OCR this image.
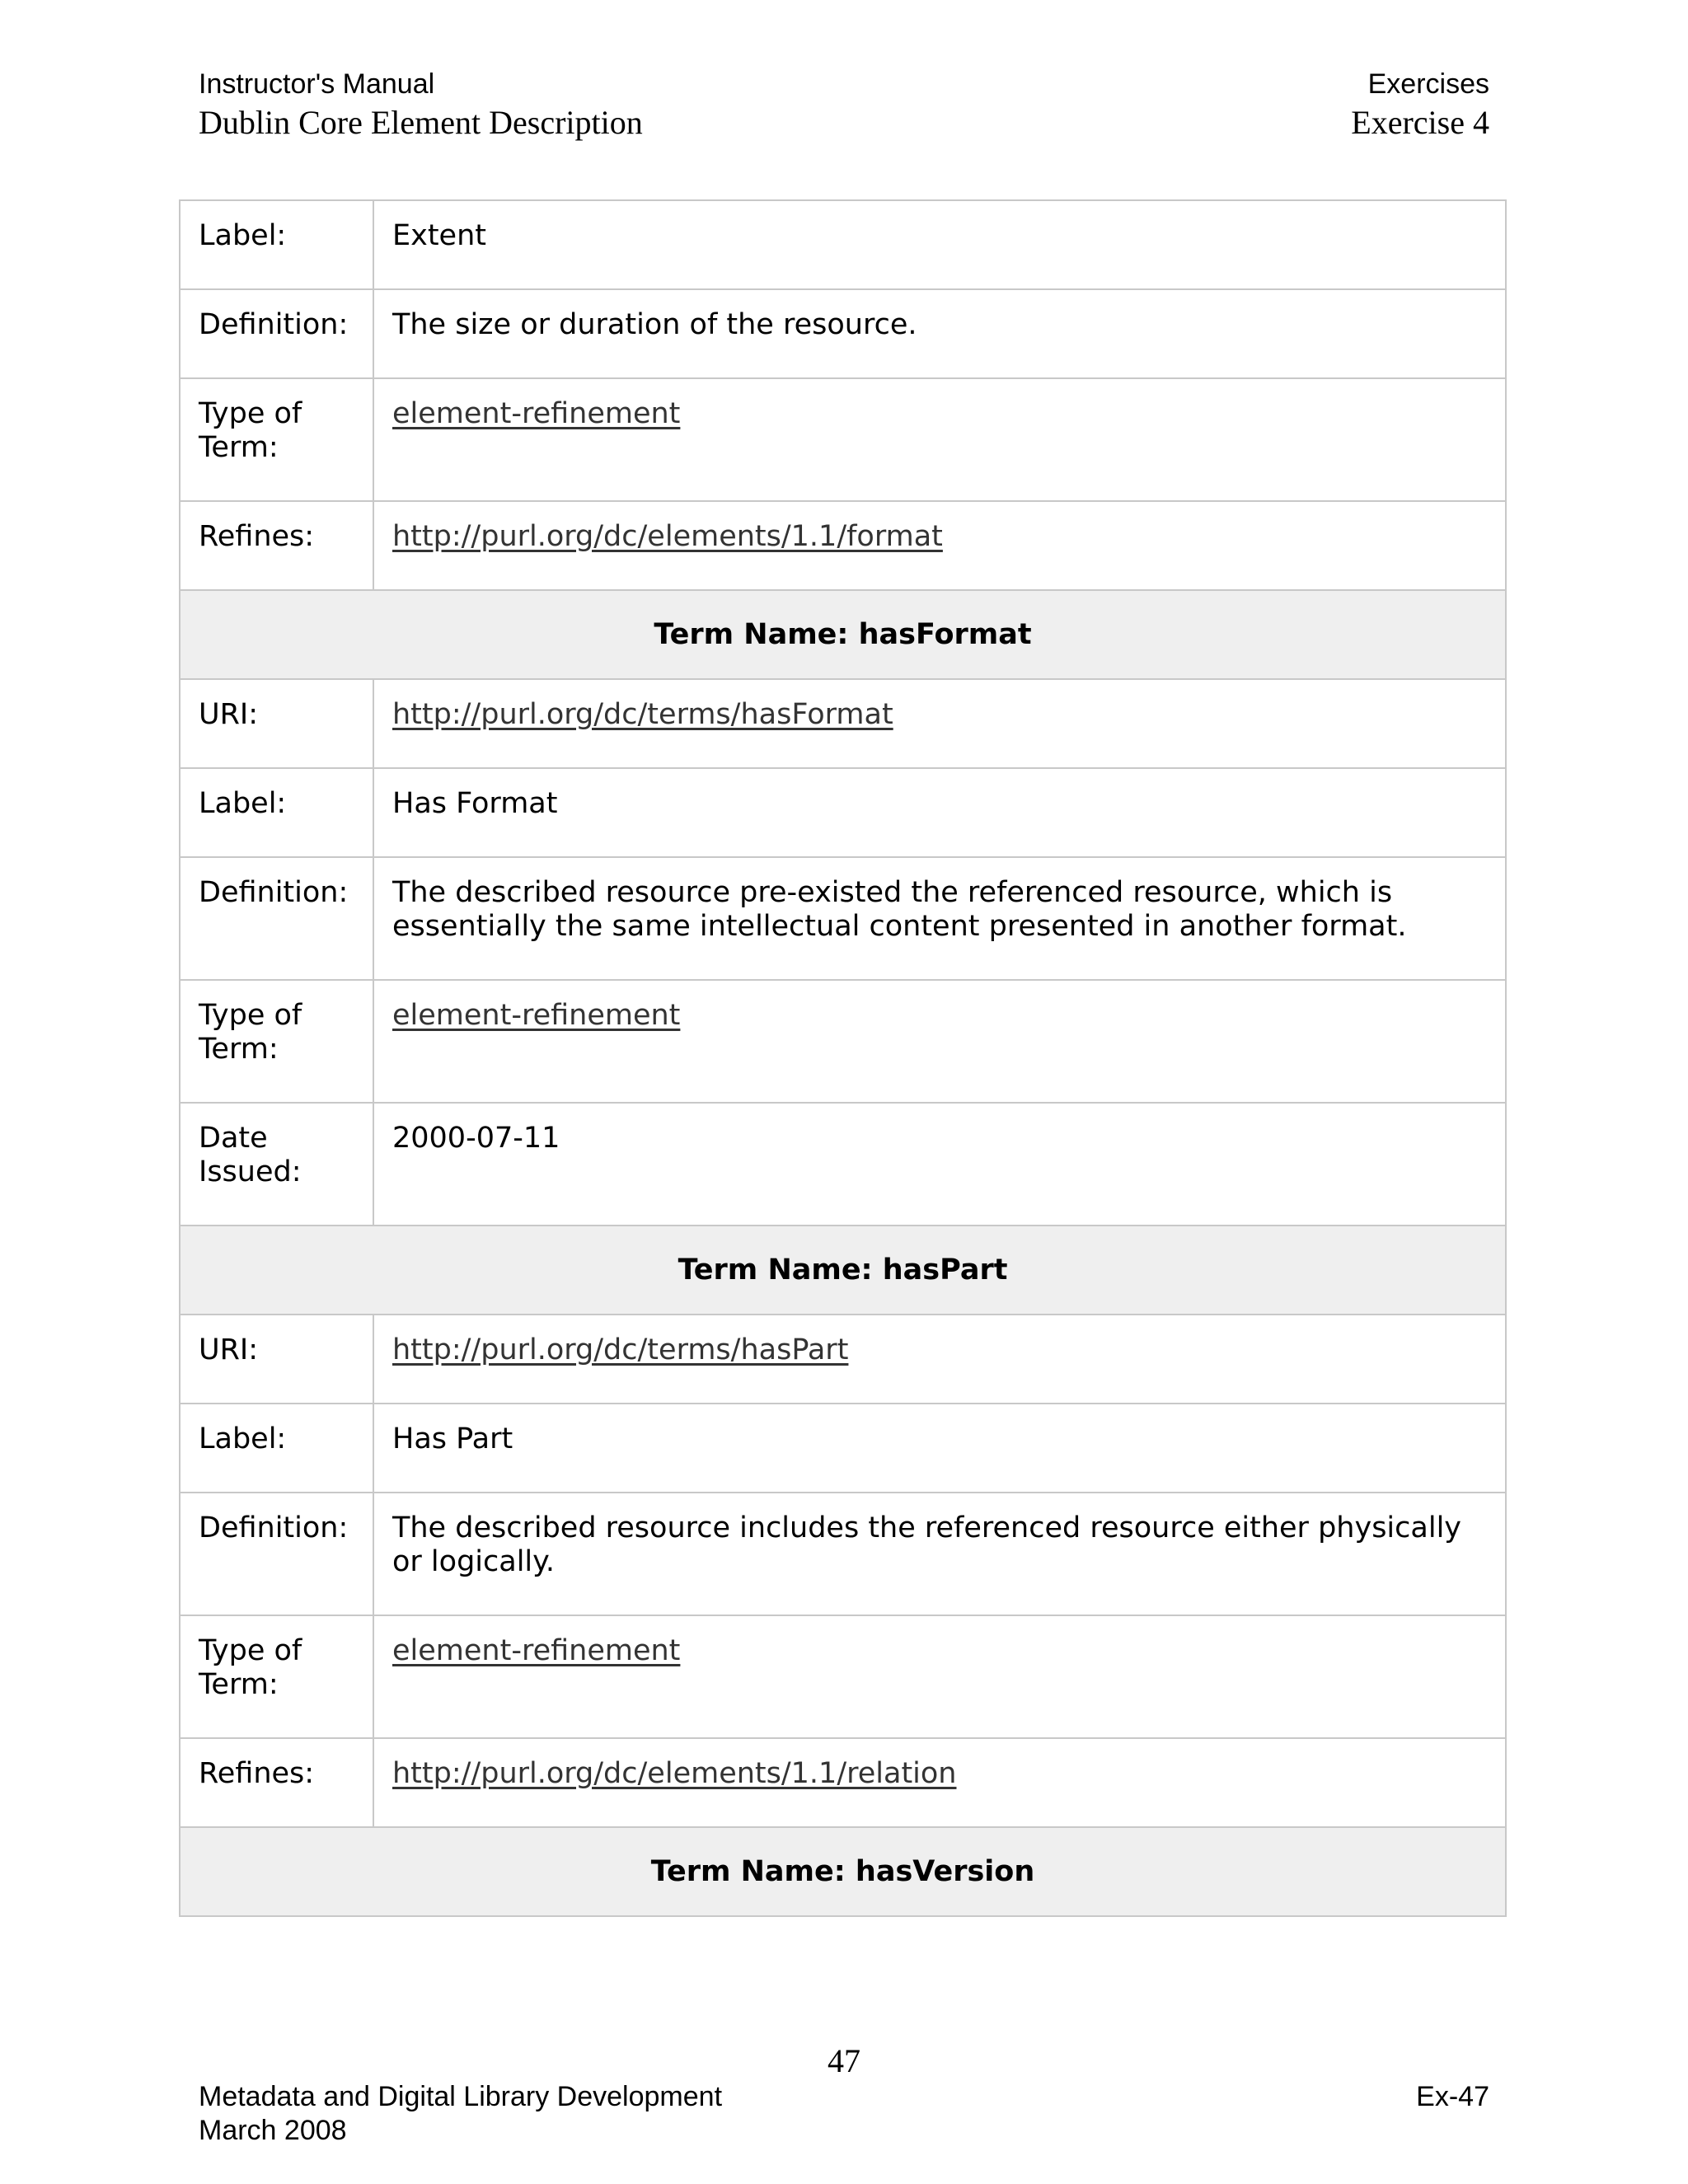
Instructor's Manual	Exercises
Dublin Core Element Description	Exercise 4
Label:	Extent
Definition:	The size or duration of the resource.
Type of Term:	element-refinement
Refines:	http://purl.org/dc/elements/1.1/format
Term Name: hasFormat	
URI:	http://purl.org/dc/terms/hasFormat
Label:	Has Format
Definition:	The described resource pre-existed the referenced resource, which is essentially the same intellectual content presented in another format.
Type of Term:	element-refinement
Date Issued:	2000-07-11
Term Name: hasPart	
URI:	http://purl.org/dc/terms/hasPart
Label:	Has Part
Definition:	The described resource includes the referenced resource either physically or logically.
Type of Term:	element-refinement
Refines:	http://purl.org/dc/elements/1.1/relation
Term Name: hasVersion	
47
Metadata and Digital Library Development
March 2008
Ex-47
